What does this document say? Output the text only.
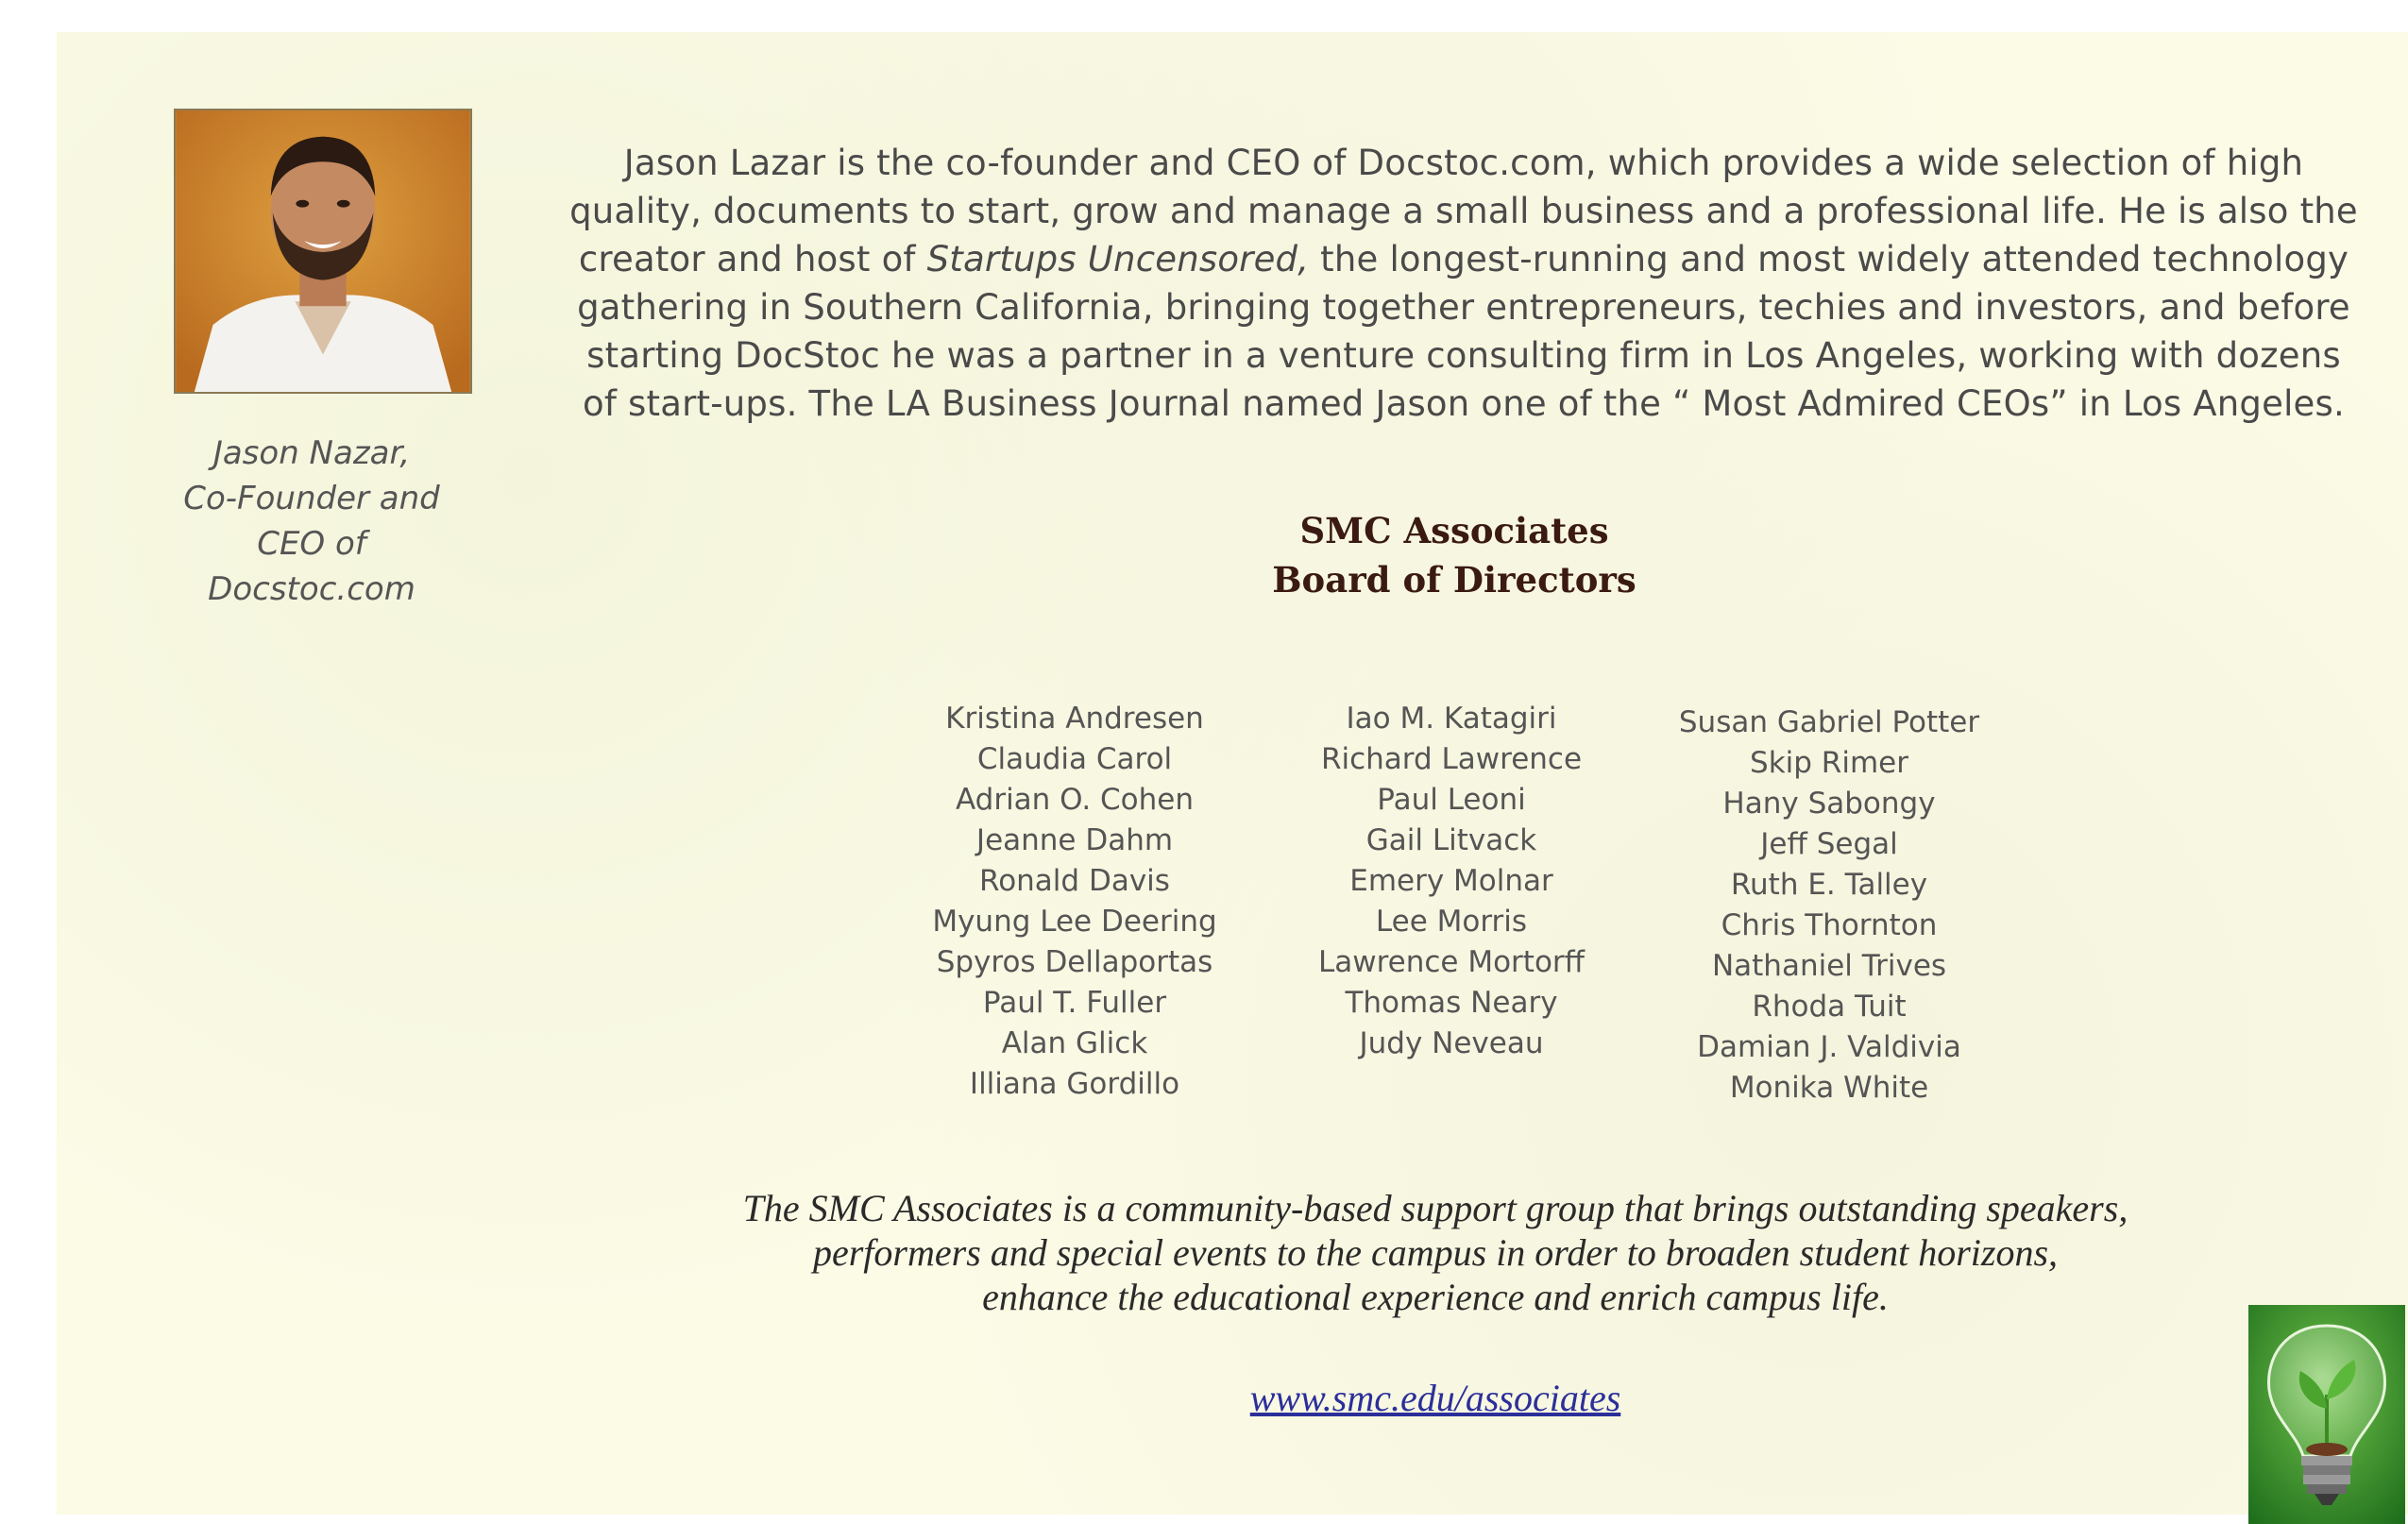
Jason Nazar,
Co-Founder and
CEO of
Docstoc.com
Jason Lazar is the co-founder and CEO of Docstoc.com, which provides a wide selection of high
quality, documents to start, grow and manage a small business and a professional life. He is also the
creator and host of Startups Uncensored, the longest-running and most widely attended technology
gathering in Southern California, bringing together entrepreneurs, techies and investors, and before
starting DocStoc he was a partner in a venture consulting firm in Los Angeles, working with dozens
of start-ups. The LA Business Journal named Jason one of the “ Most Admired CEOs” in Los Angeles.
SMC Associates
Board of Directors
Kristina Andresen
Claudia Carol
Adrian O. Cohen
Jeanne Dahm
Ronald Davis
Myung Lee Deering
Spyros Dellaportas
Paul T. Fuller
Alan Glick
Illiana Gordillo
Iao M. Katagiri
Richard Lawrence
Paul Leoni
Gail Litvack
Emery Molnar
Lee Morris
Lawrence Mortorff
Thomas Neary
Judy Neveau
Susan Gabriel Potter
Skip Rimer
Hany Sabongy
Jeff Segal
Ruth E. Talley
Chris Thornton
Nathaniel Trives
Rhoda Tuit
Damian J. Valdivia
Monika White
The SMC Associates is a community-based support group that brings outstanding speakers,
performers and special events to the campus in order to broaden student horizons,
enhance the educational experience and enrich campus life.
www.smc.edu/associates
